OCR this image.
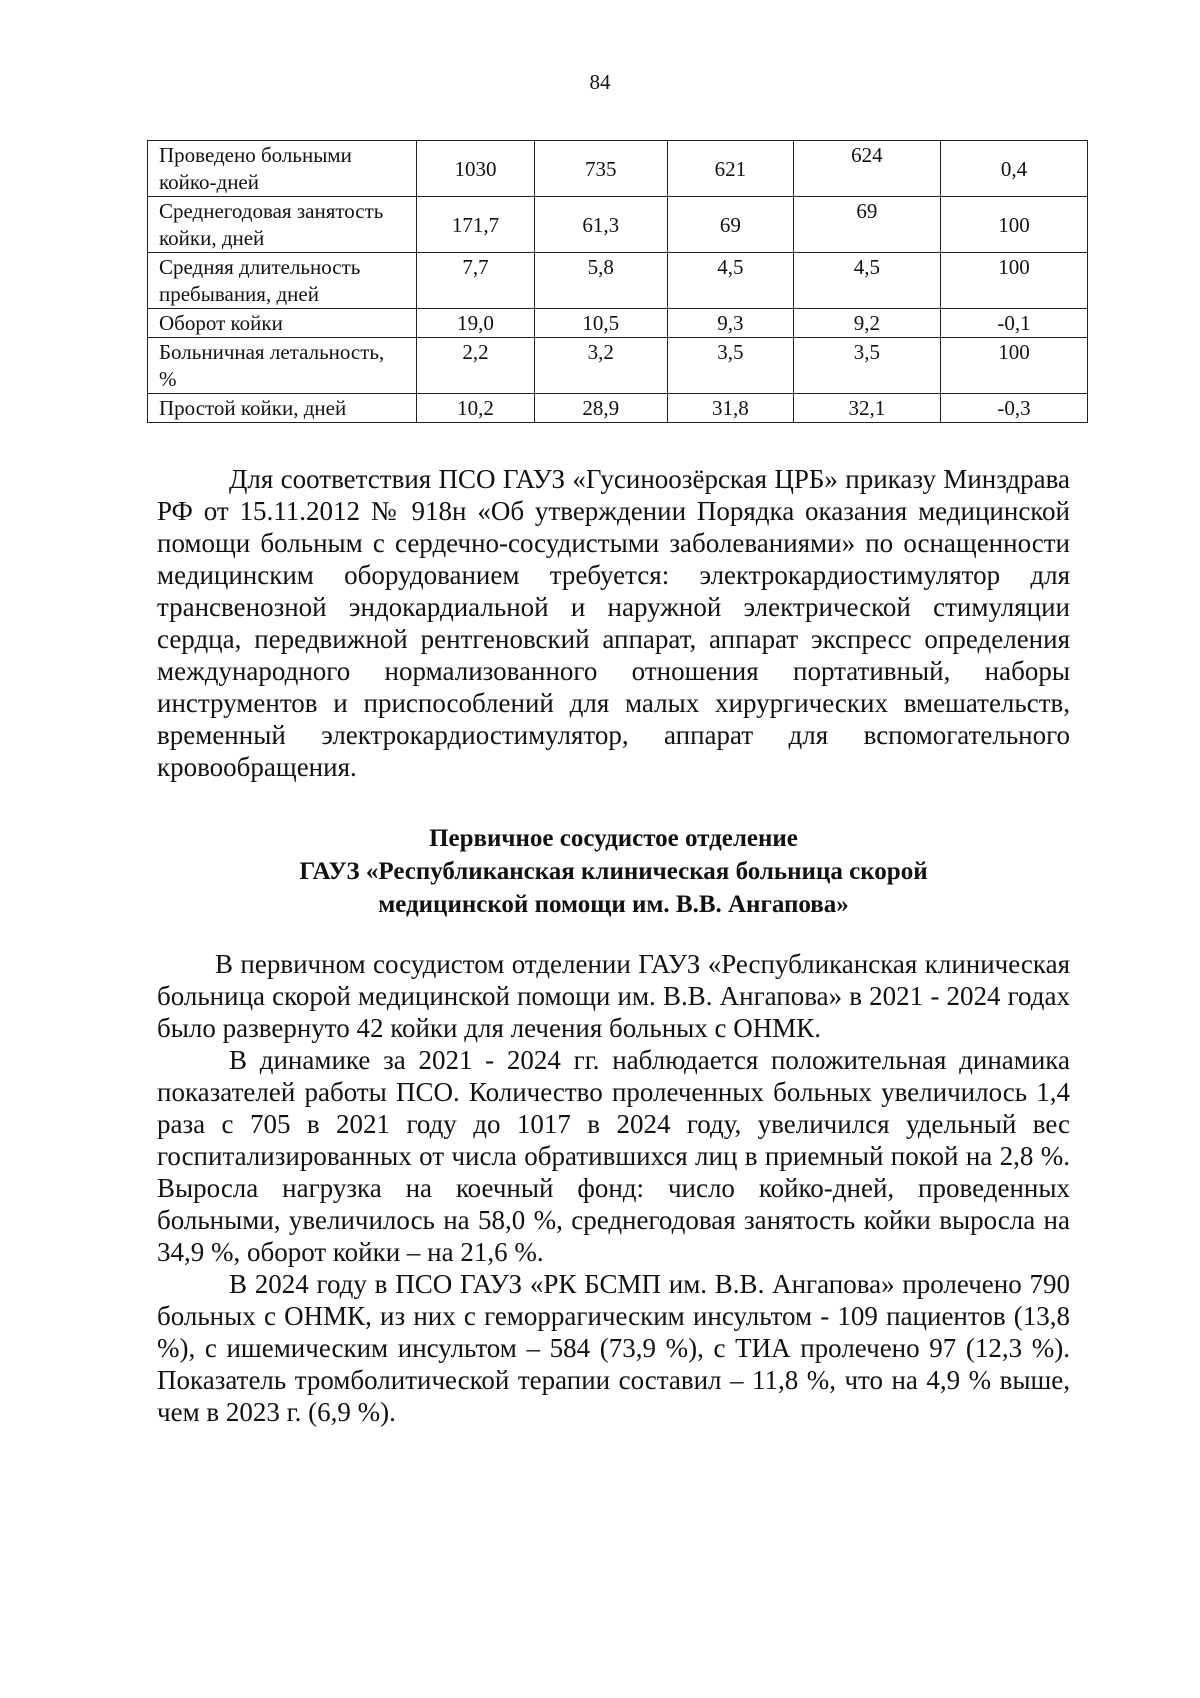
84
Проведено больными койко-дней	1030	735	621	624	0,4
Среднегодовая занятость койки, дней	171,7	61,3	69	69	100
Средняя длительность пребывания, дней	7,7	5,8	4,5	4,5	100
Оборот койки	19,0	10,5	9,3	9,2	-0,1
Больничная летальность, %	2,2	3,2	3,5	3,5	100
Простой койки, дней	10,2	28,9	31,8	32,1	-0,3

Для соответствия ПСО ГАУЗ «Гусиноозёрская ЦРБ» приказу Минздрава РФ от 15.11.2012 № 918н «Об утверждении Порядка оказания медицинской помощи больным с сердечно-сосудистыми заболеваниями» по оснащенности медицинским оборудованием требуется: электрокардиостимулятор для трансвенозной эндокардиальной и наружной электрической стимуляции сердца, передвижной рентгеновский аппарат, аппарат экспресс определения международного нормализованного отношения портативный, наборы инструментов и приспособлений для малых хирургических вмешательств, временный электрокардиостимулятор, аппарат для вспомогательного кровообращения.

Первичное сосудистое отделение
ГАУЗ «Республиканская клиническая больница скорой
медицинской помощи им. В.В. Ангапова»

В первичном сосудистом отделении ГАУЗ «Республиканская клиническая больница скорой медицинской помощи им. В.В. Ангапова» в 2021 - 2024 годах было развернуто 42 койки для лечения больных с ОНМК.

В динамике за 2021 - 2024 гг. наблюдается положительная динамика показателей работы ПСО. Количество пролеченных больных увеличилось 1,4 раза с 705 в 2021 году до 1017 в 2024 году, увеличился удельный вес госпитализированных от числа обратившихся лиц в приемный покой на 2,8 %. Выросла нагрузка на коечный фонд: число койко-дней, проведенных больными, увеличилось на 58,0 %, среднегодовая занятость койки выросла на 34,9 %, оборот койки – на 21,6 %.

В 2024 году в ПСО ГАУЗ «РК БСМП им. В.В. Ангапова» пролечено 790 больных с ОНМК, из них с геморрагическим инсультом - 109 пациентов (13,8 %), с ишемическим инсультом – 584 (73,9 %), с ТИА пролечено 97 (12,3 %). Показатель тромболитической терапии составил – 11,8 %, что на 4,9 % выше, чем в 2023 г. (6,9 %).
